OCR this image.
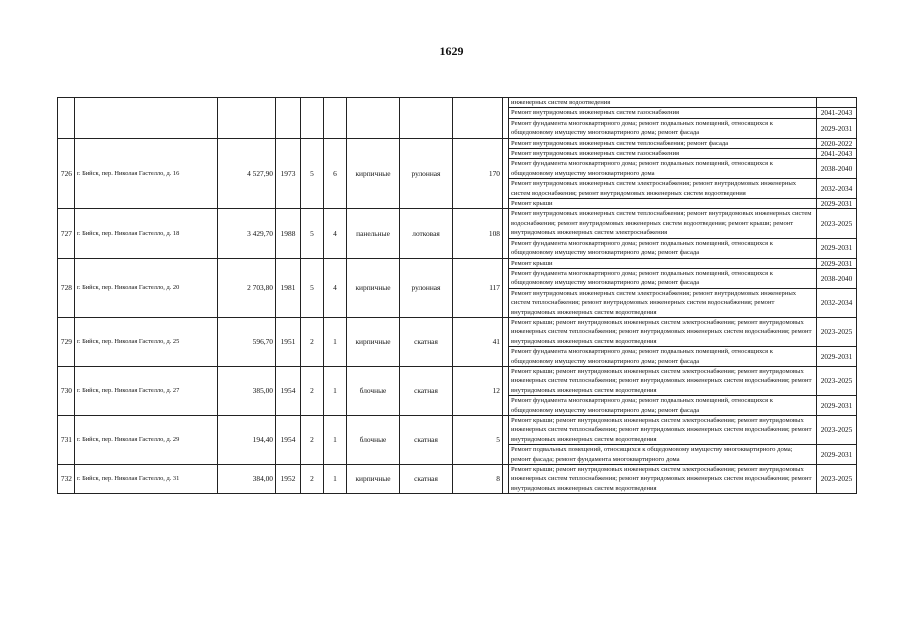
1629
										инженерных систем водоотведения	
										Ремонт внутридомовых инженерных систем газоснабжения	2041-2043
										Ремонт фундамента многоквартирного дома; ремонт подвальных помещений, относящихся к общедомовому имуществу многоквартирного дома; ремонт фасада	2029-2031
726	г. Бийск, пер. Николая Гастелло, д. 16	4 527,90	1973	5	6	кирпичные	рулонная	170		Ремонт внутридомовых инженерных систем теплоснабжения; ремонт фасада	2020-2022
										Ремонт внутридомовых инженерных систем газоснабжения	2041-2043
										Ремонт фундамента многоквартирного дома; ремонт подвальных помещений, относящихся к общедомовому имуществу многоквартирного дома	2038-2040
										Ремонт внутридомовых инженерных систем электроснабжения; ремонт внутридомовых инженерных систем водоснабжения; ремонт внутридомовых инженерных систем водоотведения	2032-2034
										Ремонт крыши	2029-2031
727	г. Бийск, пер. Николая Гастелло, д. 18	3 429,70	1988	5	4	панельные	лотковая	108		Ремонт внутридомовых инженерных систем теплоснабжения; ремонт внутридомовых инженерных систем водоснабжения; ремонт внутридомовых инженерных систем водоотведения; ремонт крыши; ремонт внутридомовых инженерных систем электроснабжения	2023-2025
										Ремонт фундамента многоквартирного дома; ремонт подвальных помещений, относящихся к общедомовому имуществу многоквартирного дома; ремонт фасада	2029-2031
728	г. Бийск, пер. Николая Гастелло, д. 20	2 703,80	1981	5	4	кирпичные	рулонная	117		Ремонт крыши	2029-2031
										Ремонт фундамента многоквартирного дома; ремонт подвальных помещений, относящихся к общедомовому имуществу многоквартирного дома; ремонт фасада	2038-2040
										Ремонт внутридомовых инженерных систем электроснабжения; ремонт внутридомовых инженерных систем теплоснабжения; ремонт внутридомовых инженерных систем водоснабжения; ремонт внутридомовых инженерных систем водоотведения	2032-2034
729	г. Бийск, пер. Николая Гастелло, д. 25	596,70	1951	2	1	кирпичные	скатная	41		Ремонт крыши; ремонт внутридомовых инженерных систем электроснабжения; ремонт внутридомовых инженерных систем теплоснабжения; ремонт внутридомовых инженерных систем водоснабжения; ремонт внутридомовых инженерных систем водоотведения	2023-2025
										Ремонт фундамента многоквартирного дома; ремонт подвальных помещений, относящихся к общедомовому имуществу многоквартирного дома; ремонт фасада	2029-2031
730	г. Бийск, пер. Николая Гастелло, д. 27	385,00	1954	2	1	блочные	скатная	12		Ремонт крыши; ремонт внутридомовых инженерных систем электроснабжения; ремонт внутридомовых инженерных систем теплоснабжения; ремонт внутридомовых инженерных систем водоснабжения; ремонт внутридомовых инженерных систем водоотведения	2023-2025
										Ремонт фундамента многоквартирного дома; ремонт подвальных помещений, относящихся к общедомовому имуществу многоквартирного дома; ремонт фасада	2029-2031
731	г. Бийск, пер. Николая Гастелло, д. 29	194,40	1954	2	1	блочные	скатная	5		Ремонт крыши; ремонт внутридомовых инженерных систем электроснабжения; ремонт внутридомовых инженерных систем теплоснабжения; ремонт внутридомовых инженерных систем водоснабжения; ремонт внутридомовых инженерных систем водоотведения	2023-2025
										Ремонт подвальных помещений, относящихся к общедомовому имуществу многоквартирного дома; ремонт фасада; ремонт фундамента многоквартирного дома	2029-2031
732	г. Бийск, пер. Николая Гастелло, д. 31	384,00	1952	2	1	кирпичные	скатная	8		Ремонт крыши; ремонт внутридомовых инженерных систем электроснабжения; ремонт внутридомовых инженерных систем теплоснабжения; ремонт внутридомовых инженерных систем водоснабжения; ремонт внутридомовых инженерных систем водоотведения	2023-2025
